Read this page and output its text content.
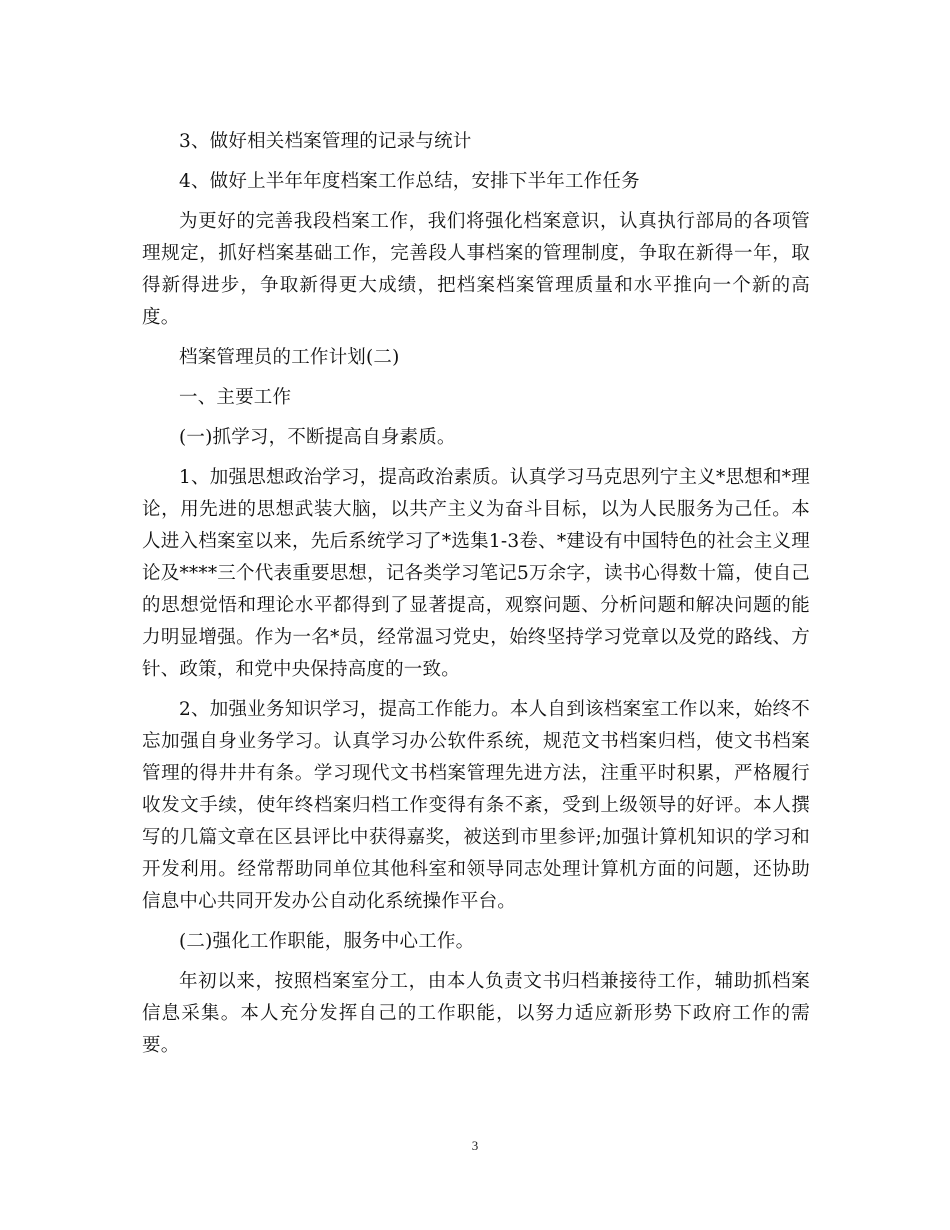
3、做好相关档案管理的记录与统计

4、做好上半年年度档案工作总结，安排下半年工作任务

为更好的完善我段档案工作，我们将强化档案意识，认真执行部局的各项管理规定，抓好档案基础工作，完善段人事档案的管理制度，争取在新得一年，取得新得进步，争取新得更大成绩，把档案档案管理质量和水平推向一个新的高度。

档案管理员的工作计划(二)

一、主要工作

(一)抓学习，不断提高自身素质。

1、加强思想政治学习，提高政治素质。认真学习马克思列宁主义*思想和*理论，用先进的思想武装大脑，以共产主义为奋斗目标，以为人民服务为己任。本人进入档案室以来，先后系统学习了*选集1-3卷、*建设有中国特色的社会主义理论及****三个代表重要思想，记各类学习笔记5万余字，读书心得数十篇，使自己的思想觉悟和理论水平都得到了显著提高，观察问题、分析问题和解决问题的能力明显增强。作为一名*员，经常温习党史，始终坚持学习党章以及党的路线、方针、政策，和党中央保持高度的一致。

2、加强业务知识学习，提高工作能力。本人自到该档案室工作以来，始终不忘加强自身业务学习。认真学习办公软件系统，规范文书档案归档，使文书档案管理的得井井有条。学习现代文书档案管理先进方法，注重平时积累，严格履行收发文手续，使年终档案归档工作变得有条不紊，受到上级领导的好评。本人撰写的几篇文章在区县评比中获得嘉奖，被送到市里参评;加强计算机知识的学习和开发利用。经常帮助同单位其他科室和领导同志处理计算机方面的问题，还协助信息中心共同开发办公自动化系统操作平台。

(二)强化工作职能，服务中心工作。

年初以来，按照档案室分工，由本人负责文书归档兼接待工作，辅助抓档案信息采集。本人充分发挥自己的工作职能，以努力适应新形势下政府工作的需要。

3
